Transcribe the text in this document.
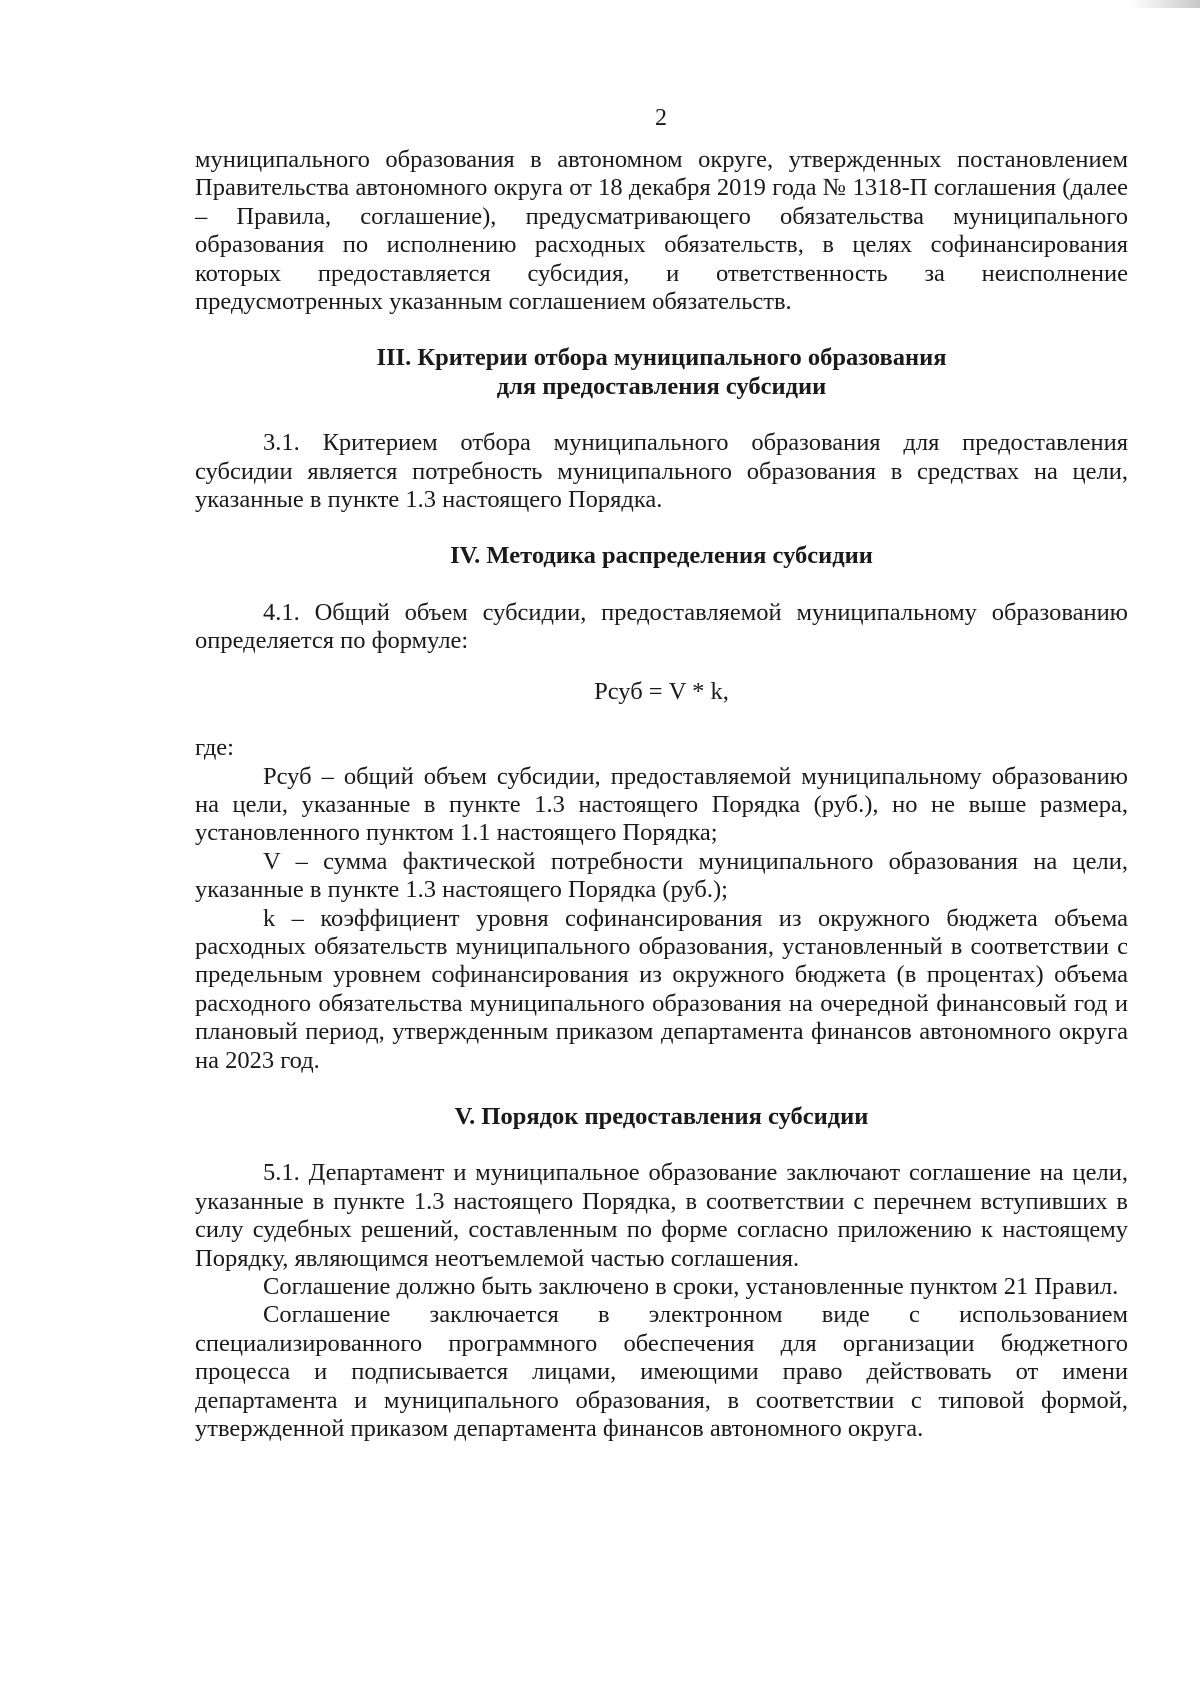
2

муниципального образования в автономном округе, утвержденных постановлением Правительства автономного округа от 18 декабря 2019 года № 1318-П соглашения (далее – Правила, соглашение), предусматривающего обязательства муниципального образования по исполнению расходных обязательств, в целях софинансирования которых предоставляется субсидия, и ответственность за неисполнение предусмотренных указанным соглашением обязательств.

III. Критерии отбора муниципального образования
для предоставления субсидии

3.1. Критерием отбора муниципального образования для предоставления субсидии является потребность муниципального образования в средствах на цели, указанные в пункте 1.3 настоящего Порядка.

IV. Методика распределения субсидии

4.1. Общий объем субсидии, предоставляемой муниципальному образованию определяется по формуле:

Pсуб = V * k,

где:

Pсуб – общий объем субсидии, предоставляемой муниципальному образованию на цели, указанные в пункте 1.3 настоящего Порядка (руб.), но не выше размера, установленного пунктом 1.1 настоящего Порядка;

V – сумма фактической потребности муниципального образования на цели, указанные в пункте 1.3 настоящего Порядка (руб.);

k – коэффициент уровня софинансирования из окружного бюджета объема расходных обязательств муниципального образования, установленный в соответствии с предельным уровнем софинансирования из окружного бюджета (в процентах) объема расходного обязательства муниципального образования на очередной финансовый год и плановый период, утвержденным приказом департамента финансов автономного округа на 2023 год.

V. Порядок предоставления субсидии

5.1. Департамент и муниципальное образование заключают соглашение на цели, указанные в пункте 1.3 настоящего Порядка, в соответствии с перечнем вступивших в силу судебных решений, составленным по форме согласно приложению к настоящему Порядку, являющимся неотъемлемой частью соглашения.

Соглашение должно быть заключено в сроки, установленные пунктом 21 Правил.

Соглашение заключается в электронном виде с использованием специализированного программного обеспечения для организации бюджетного процесса и подписывается лицами, имеющими право действовать от имени департамента и муниципального образования, в соответствии с типовой формой, утвержденной приказом департамента финансов автономного округа.
